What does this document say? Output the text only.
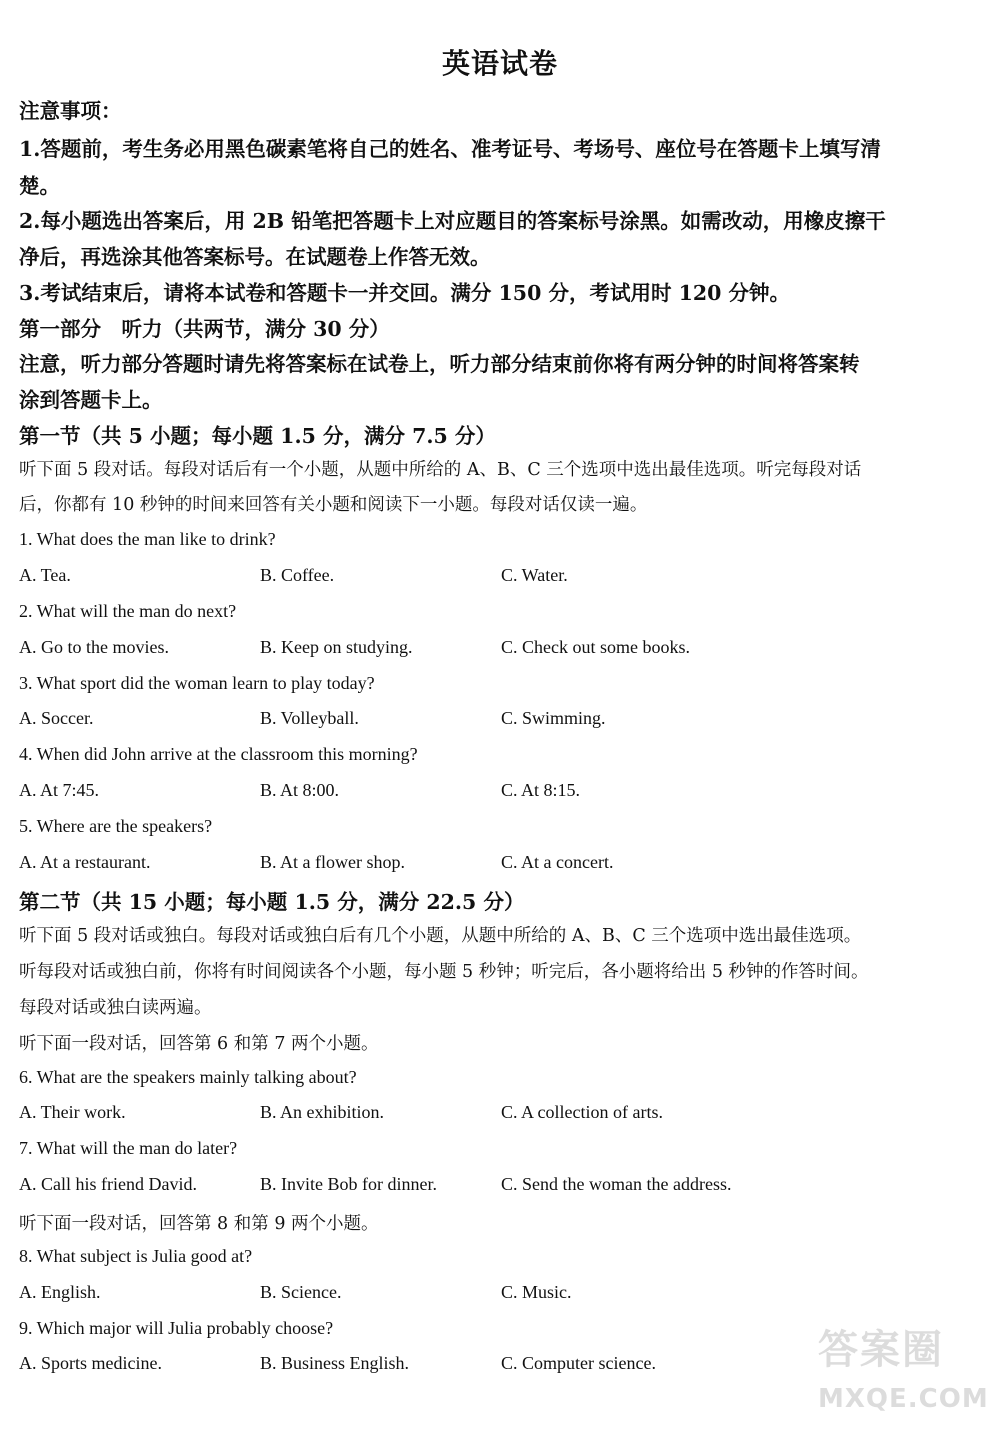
英语试卷
注意事项：
1.答题前，考生务必用黑色碳素笔将自己的姓名、准考证号、考场号、座位号在答题卡上填写清
楚。
2.每小题选出答案后，用 2B 铅笔把答题卡上对应题目的答案标号涂黑。如需改动，用橡皮擦干
净后，再选涂其他答案标号。在试题卷上作答无效。
3.考试结束后，请将本试卷和答题卡一并交回。满分 150 分，考试用时 120 分钟。
第一部分　听力（共两节，满分 30 分）
注意，听力部分答题时请先将答案标在试卷上，听力部分结束前你将有两分钟的时间将答案转
涂到答题卡上。
第一节（共 5 小题；每小题 1.5 分，满分 7.5 分）
听下面 5 段对话。每段对话后有一个小题，从题中所给的 A、B、C 三个选项中选出最佳选项。听完每段对话
后，你都有 10 秒钟的时间来回答有关小题和阅读下一小题。每段对话仅读一遍。
1. What does the man like to drink?
A. Tea.	B. Coffee.	C. Water.
2. What will the man do next?
A. Go to the movies.	B. Keep on studying.	C. Check out some books.
3. What sport did the woman learn to play today?
A. Soccer.	B. Volleyball.	C. Swimming.
4. When did John arrive at the classroom this morning?
A. At 7:45.	B. At 8:00.	C. At 8:15.
5. Where are the speakers?
A. At a restaurant.	B. At a flower shop.	C. At a concert.
第二节（共 15 小题；每小题 1.5 分，满分 22.5 分）
听下面 5 段对话或独白。每段对话或独白后有几个小题，从题中所给的 A、B、C 三个选项中选出最佳选项。
听每段对话或独白前，你将有时间阅读各个小题，每小题 5 秒钟；听完后，各小题将给出 5 秒钟的作答时间。
每段对话或独白读两遍。
听下面一段对话，回答第 6 和第 7 两个小题。
6. What are the speakers mainly talking about?
A. Their work.	B. An exhibition.	C. A collection of arts.
7. What will the man do later?
A. Call his friend David.	B. Invite Bob for dinner.	C. Send the woman the address.
听下面一段对话，回答第 8 和第 9 两个小题。
8. What subject is Julia good at?
A. English.	B. Science.	C. Music.
9. Which major will Julia probably choose?
A. Sports medicine.	B. Business English.	C. Computer science.	答案圈
MXQE.COM
